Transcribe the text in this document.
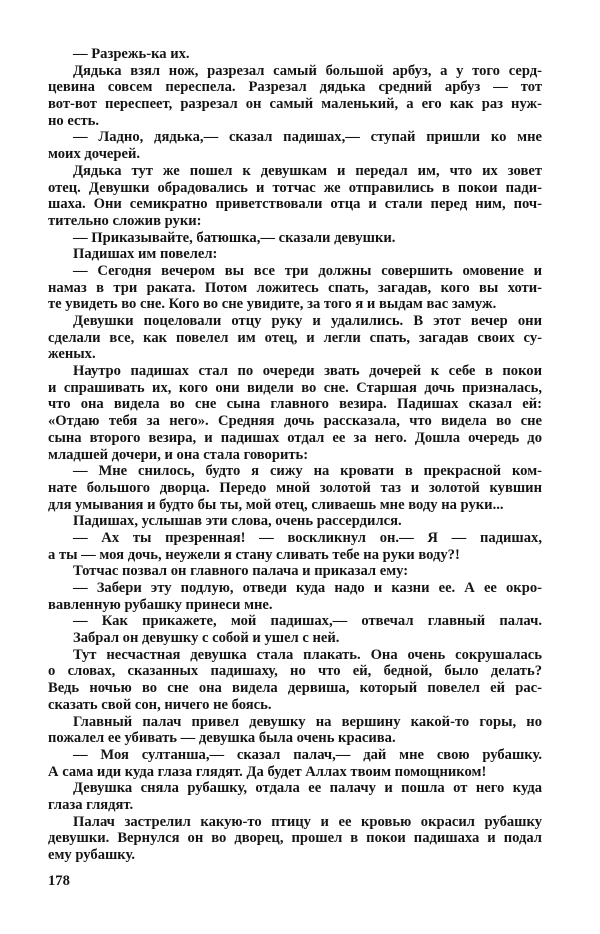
— Разрежь-ка их.
Дядька взял нож, разрезал самый большой арбуз, а у того серд-
цевина совсем переспела. Разрезал дядька средний арбуз — тот
вот-вот переспеет, разрезал он самый маленький, а его как раз нуж-
но есть.
— Ладно, дядька,— сказал падишах,— ступай пришли ко мне
моих дочерей.
Дядька тут же пошел к девушкам и передал им, что их зовет
отец. Девушки обрадовались и тотчас же отправились в покои пади-
шаха. Они семикратно приветствовали отца и стали перед ним, поч-
тительно сложив руки:
— Приказывайте, батюшка,— сказали девушки.
Падишах им повелел:
— Сегодня вечером вы все три должны совершить омовение и
намаз в три раката. Потом ложитесь спать, загадав, кого вы хоти-
те увидеть во сне. Кого во сне увидите, за того я и выдам вас замуж.
Девушки поцеловали отцу руку и удалились. В этот вечер они
сделали все, как повелел им отец, и легли спать, загадав своих су-
женых.
Наутро падишах стал по очереди звать дочерей к себе в покои
и спрашивать их, кого они видели во сне. Старшая дочь призналась,
что она видела во сне сына главного везира. Падишах сказал ей:
«Отдаю тебя за него». Средняя дочь рассказала, что видела во сне
сына второго везира, и падишах отдал ее за него. Дошла очередь до
младшей дочери, и она стала говорить:
— Мне снилось, будто я сижу на кровати в прекрасной ком-
нате большого дворца. Передо мной золотой таз и золотой кувшин
для умывания и будто бы ты, мой отец, сливаешь мне воду на руки...
Падишах, услышав эти слова, очень рассердился.
— Ах ты презренная! — воскликнул он.— Я — падишах,
а ты — моя дочь, неужели я стану сливать тебе на руки воду?!
Тотчас позвал он главного палача и приказал ему:
— Забери эту подлую, отведи куда надо и казни ее. А ее окро-
вавленную рубашку принеси мне.
— Как прикажете, мой падишах,— отвечал главный палач.
Забрал он девушку с собой и ушел с ней.
Тут несчастная девушка стала плакать. Она очень сокрушалась
о словах, сказанных падишаху, но что ей, бедной, было делать?
Ведь ночью во сне она видела дервиша, который повелел ей рас-
сказать свой сон, ничего не боясь.
Главный палач привел девушку на вершину какой-то горы, но
пожалел ее убивать — девушка была очень красива.
— Моя султанша,— сказал палач,— дай мне свою рубашку.
А сама иди куда глаза глядят. Да будет Аллах твоим помощником!
Девушка сняла рубашку, отдала ее палачу и пошла от него куда
глаза глядят.
Палач застрелил какую-то птицу и ее кровью окрасил рубашку
девушки. Вернулся он во дворец, прошел в покои падишаха и подал
ему рубашку.
178
